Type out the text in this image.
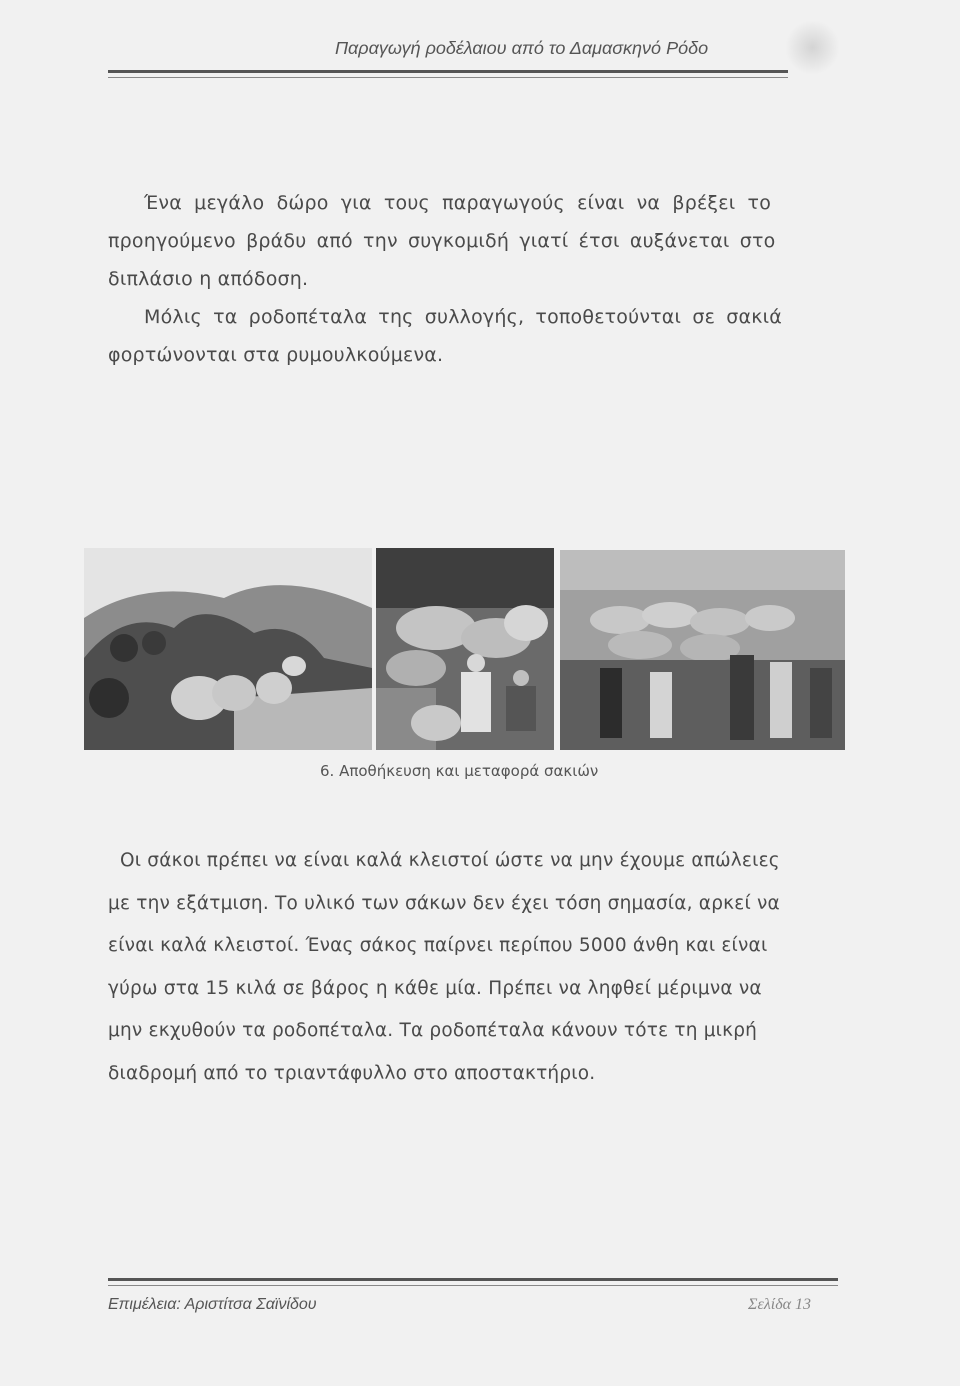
Παραγωγή ροδέλαιου από το Δαμασκηνό Ρόδο
Ένα μεγάλο δώρο για τους παραγωγούς είναι να βρέξει το
προηγούμενο βράδυ από την συγκομιδή γιατί έτσι αυξάνεται στο
διπλάσιο η απόδοση.
Μόλις τα ροδοπέταλα της συλλογής, τοποθετούνται σε σακιά
φορτώνονται στα ρυμουλκούμενα.
6. Αποθήκευση και μεταφορά σακιών
Οι σάκοι πρέπει να είναι καλά κλειστοί ώστε να μην έχουμε απώλειες
με την εξάτμιση. Το υλικό των σάκων δεν έχει τόση σημασία, αρκεί να
είναι καλά κλειστοί. Ένας σάκος παίρνει περίπου 5000 άνθη και είναι
γύρω στα 15 κιλά σε βάρος η κάθε μία. Πρέπει να ληφθεί μέριμνα να
μην εκχυθούν τα ροδοπέταλα. Τα ροδοπέταλα κάνουν τότε τη μικρή
διαδρομή από το τριαντάφυλλο στο αποστακτήριο.
Επιμέλεια: Αριστίτσα Σαϊνίδου	Σελίδα 13
